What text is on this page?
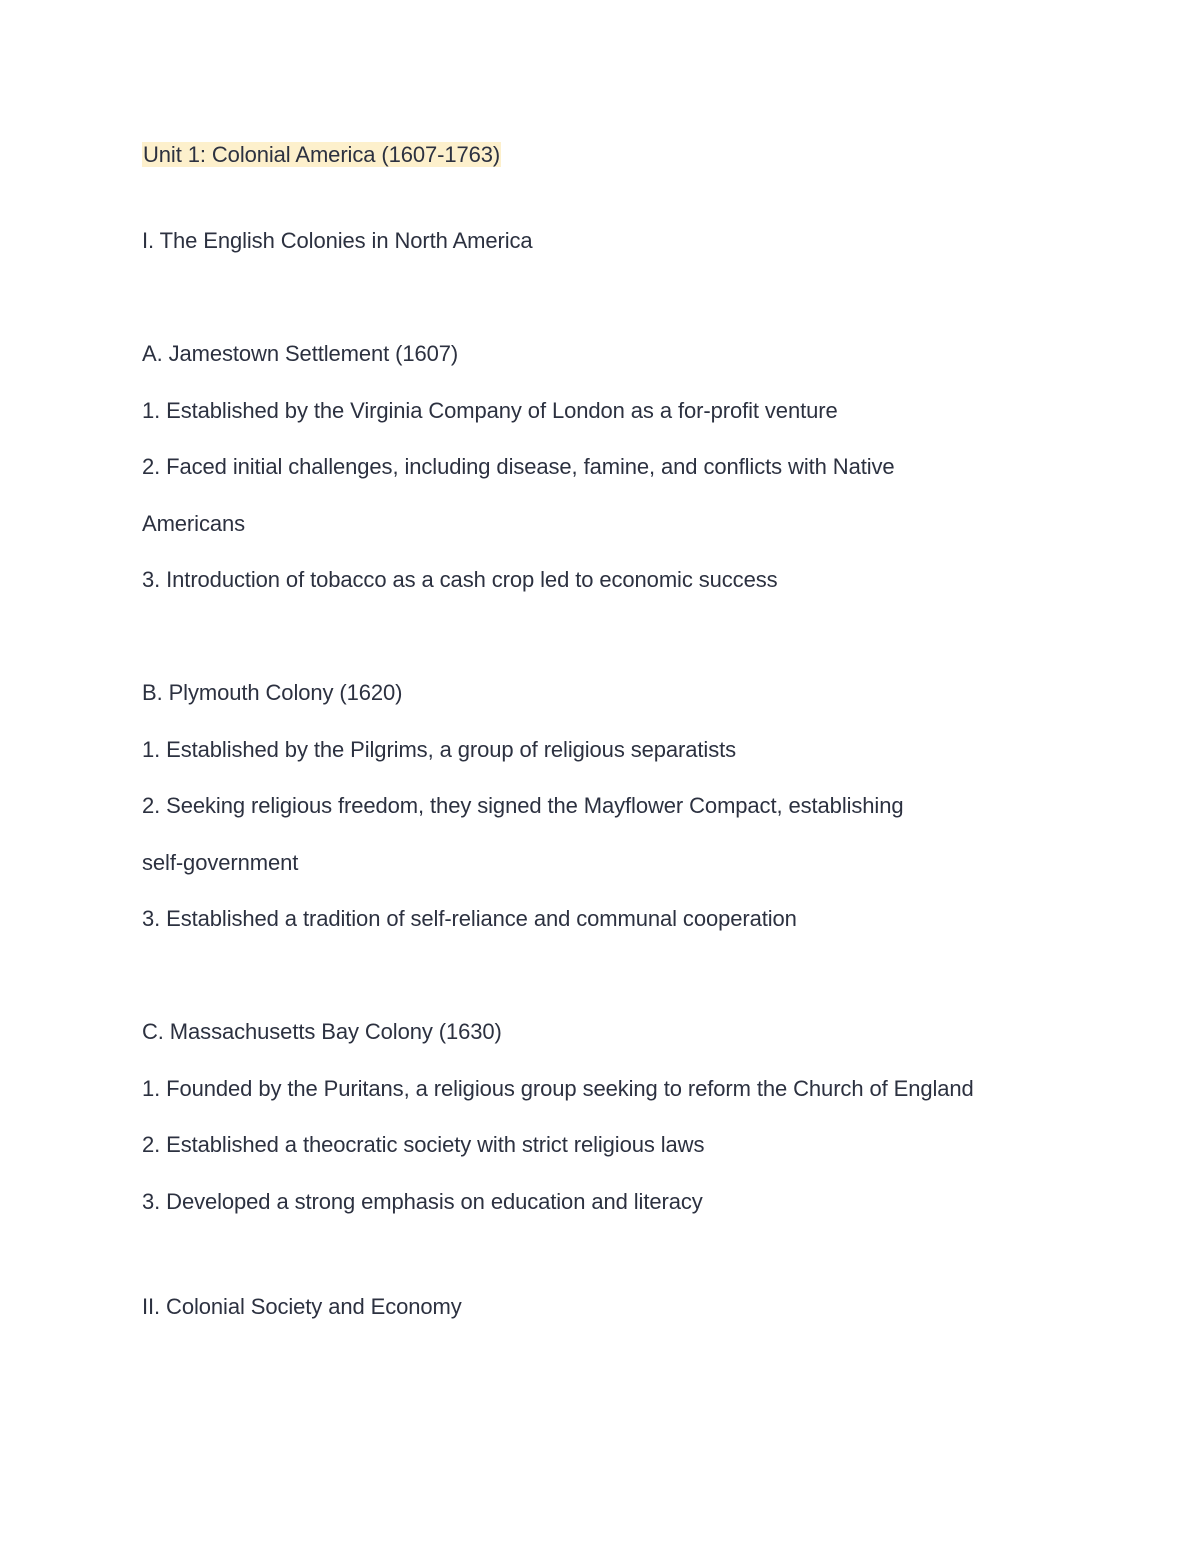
Unit 1: Colonial America (1607-1763)
I. The English Colonies in North America
A. Jamestown Settlement (1607)
1. Established by the Virginia Company of London as a for-profit venture
2. Faced initial challenges, including disease, famine, and conflicts with Native
Americans
3. Introduction of tobacco as a cash crop led to economic success
B. Plymouth Colony (1620)
1. Established by the Pilgrims, a group of religious separatists
2. Seeking religious freedom, they signed the Mayflower Compact, establishing
self-government
3. Established a tradition of self-reliance and communal cooperation
C. Massachusetts Bay Colony (1630)
1. Founded by the Puritans, a religious group seeking to reform the Church of England
2. Established a theocratic society with strict religious laws
3. Developed a strong emphasis on education and literacy
II. Colonial Society and Economy
